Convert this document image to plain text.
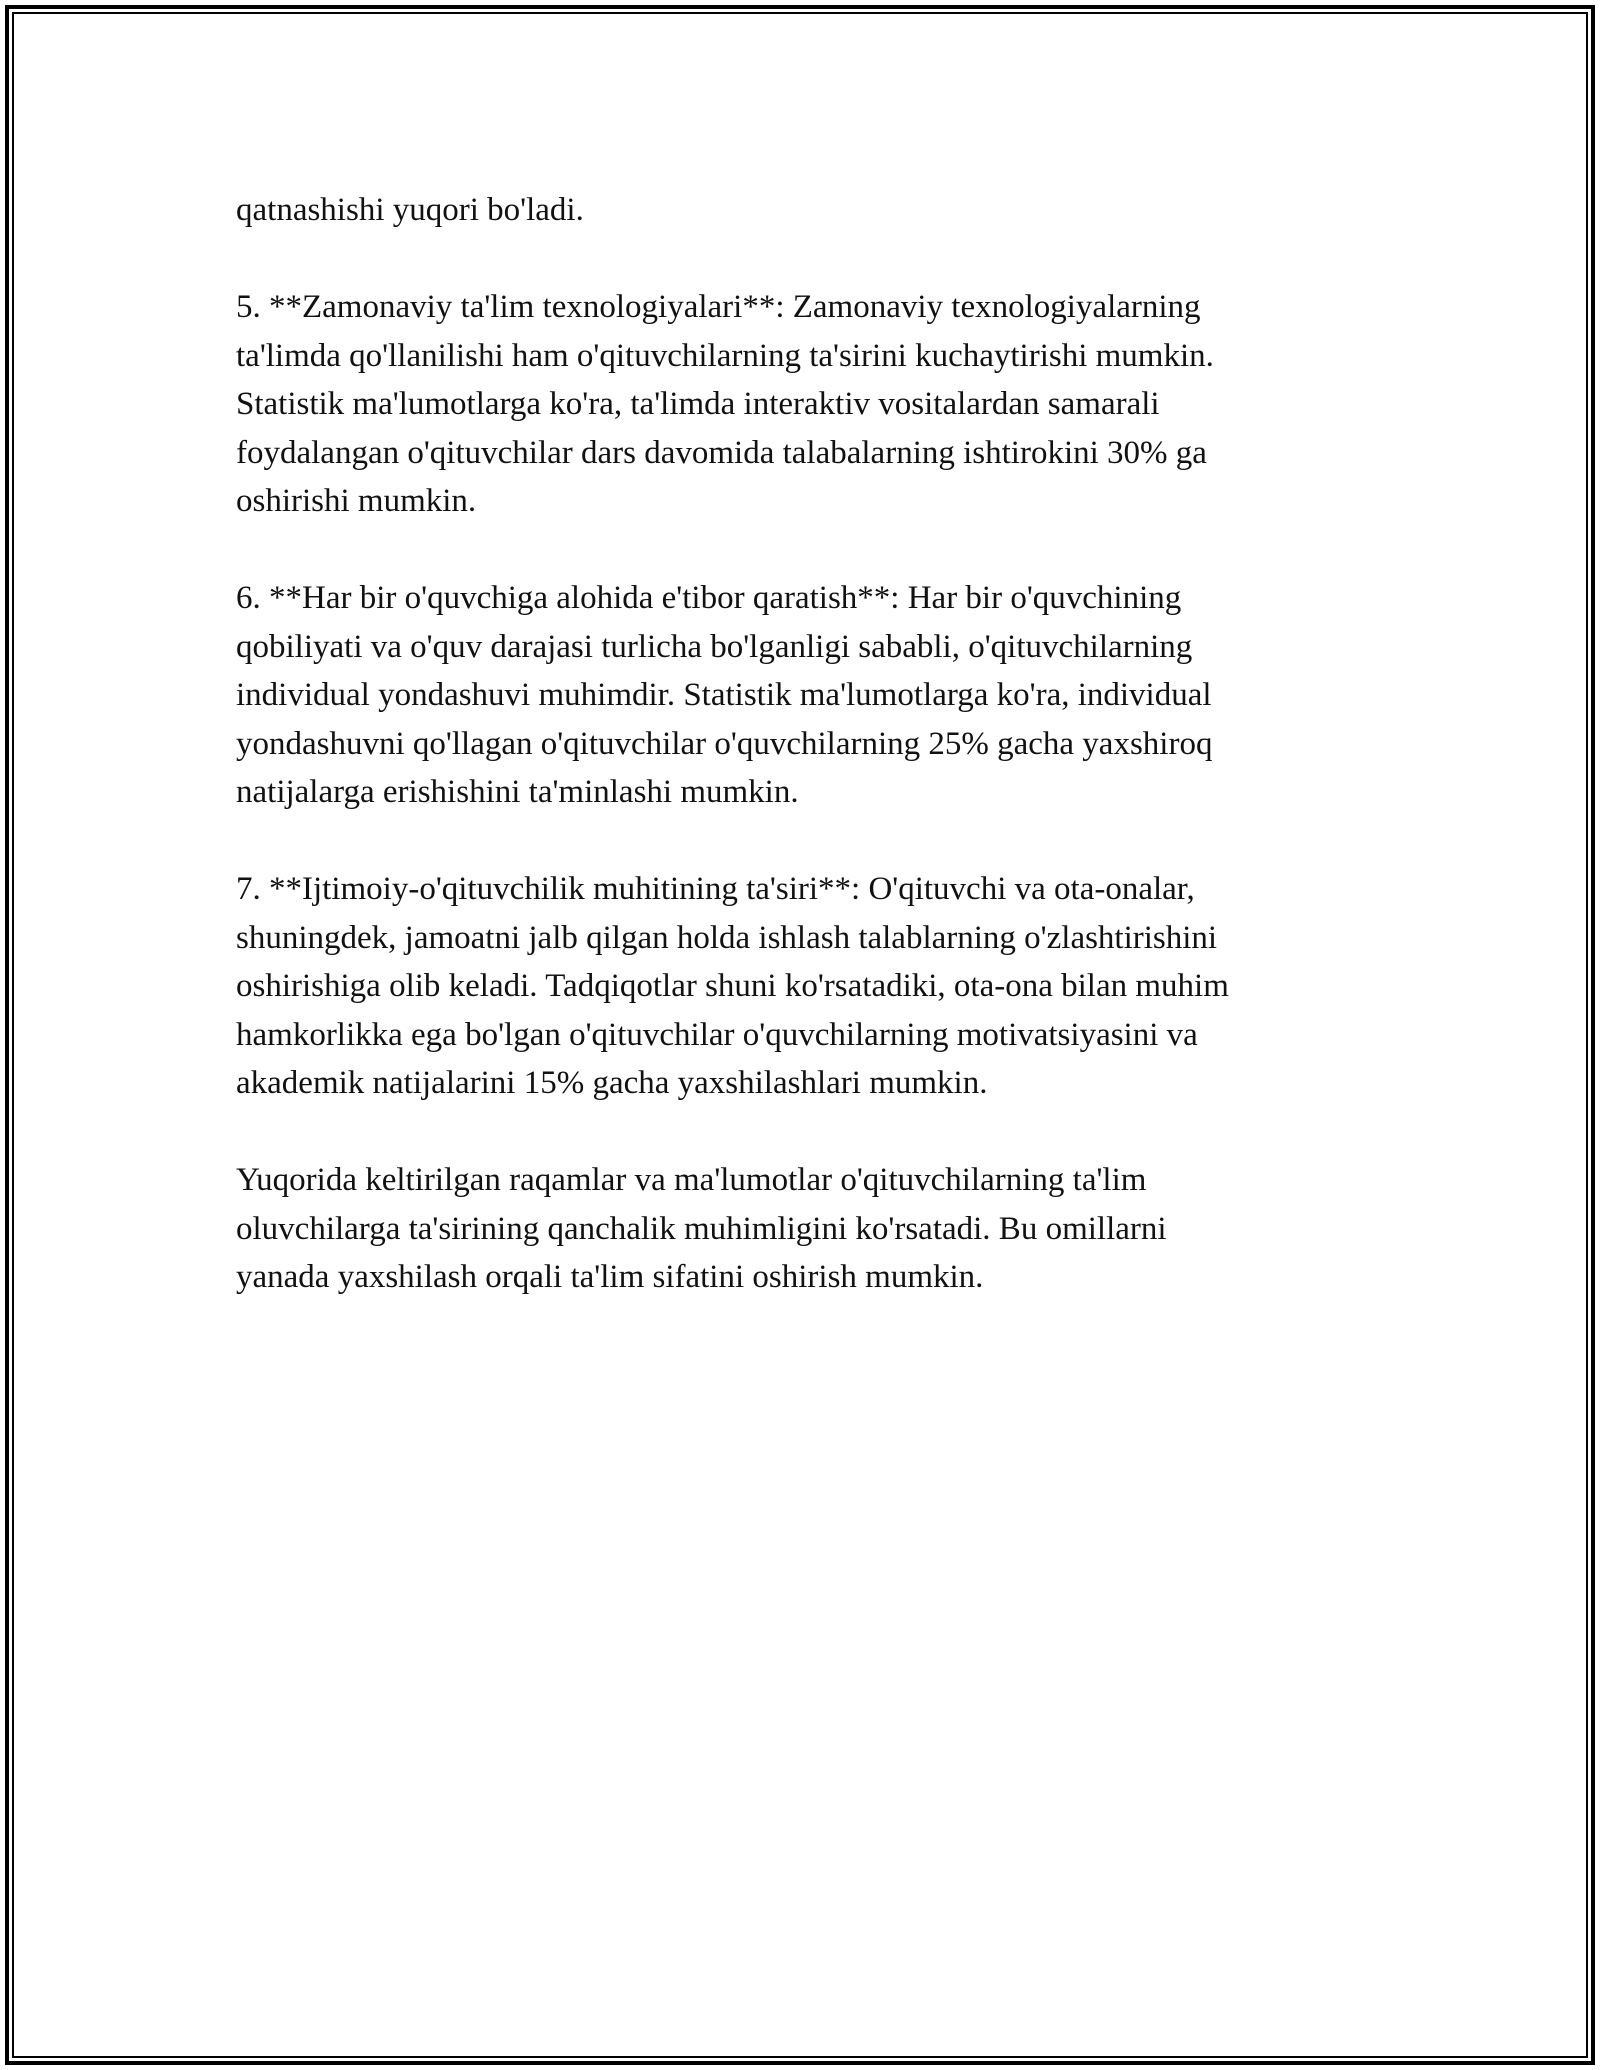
qatnashishi yuqori bo'ladi.

5. **Zamonaviy ta'lim texnologiyalari**: Zamonaviy texnologiyalarning
ta'limda qo'llanilishi ham o'qituvchilarning ta'sirini kuchaytirishi mumkin.
Statistik ma'lumotlarga ko'ra, ta'limda interaktiv vositalardan samarali
foydalangan o'qituvchilar dars davomida talabalarning ishtirokini 30% ga
oshirishi mumkin.

6. **Har bir o'quvchiga alohida e'tibor qaratish**: Har bir o'quvchining
qobiliyati va o'quv darajasi turlicha bo'lganligi sababli, o'qituvchilarning
individual yondashuvi muhimdir. Statistik ma'lumotlarga ko'ra, individual
yondashuvni qo'llagan o'qituvchilar o'quvchilarning 25% gacha yaxshiroq
natijalarga erishishini ta'minlashi mumkin.

7. **Ijtimoiy-o'qituvchilik muhitining ta'siri**: O'qituvchi va ota-onalar,
shuningdek, jamoatni jalb qilgan holda ishlash talablarning o'zlashtirishini
oshirishiga olib keladi. Tadqiqotlar shuni ko'rsatadiki, ota-ona bilan muhim
hamkorlikka ega bo'lgan o'qituvchilar o'quvchilarning motivatsiyasini va
akademik natijalarini 15% gacha yaxshilashlari mumkin.

Yuqorida keltirilgan raqamlar va ma'lumotlar o'qituvchilarning ta'lim
oluvchilarga ta'sirining qanchalik muhimligini ko'rsatadi. Bu omillarni
yanada yaxshilash orqali ta'lim sifatini oshirish mumkin.
